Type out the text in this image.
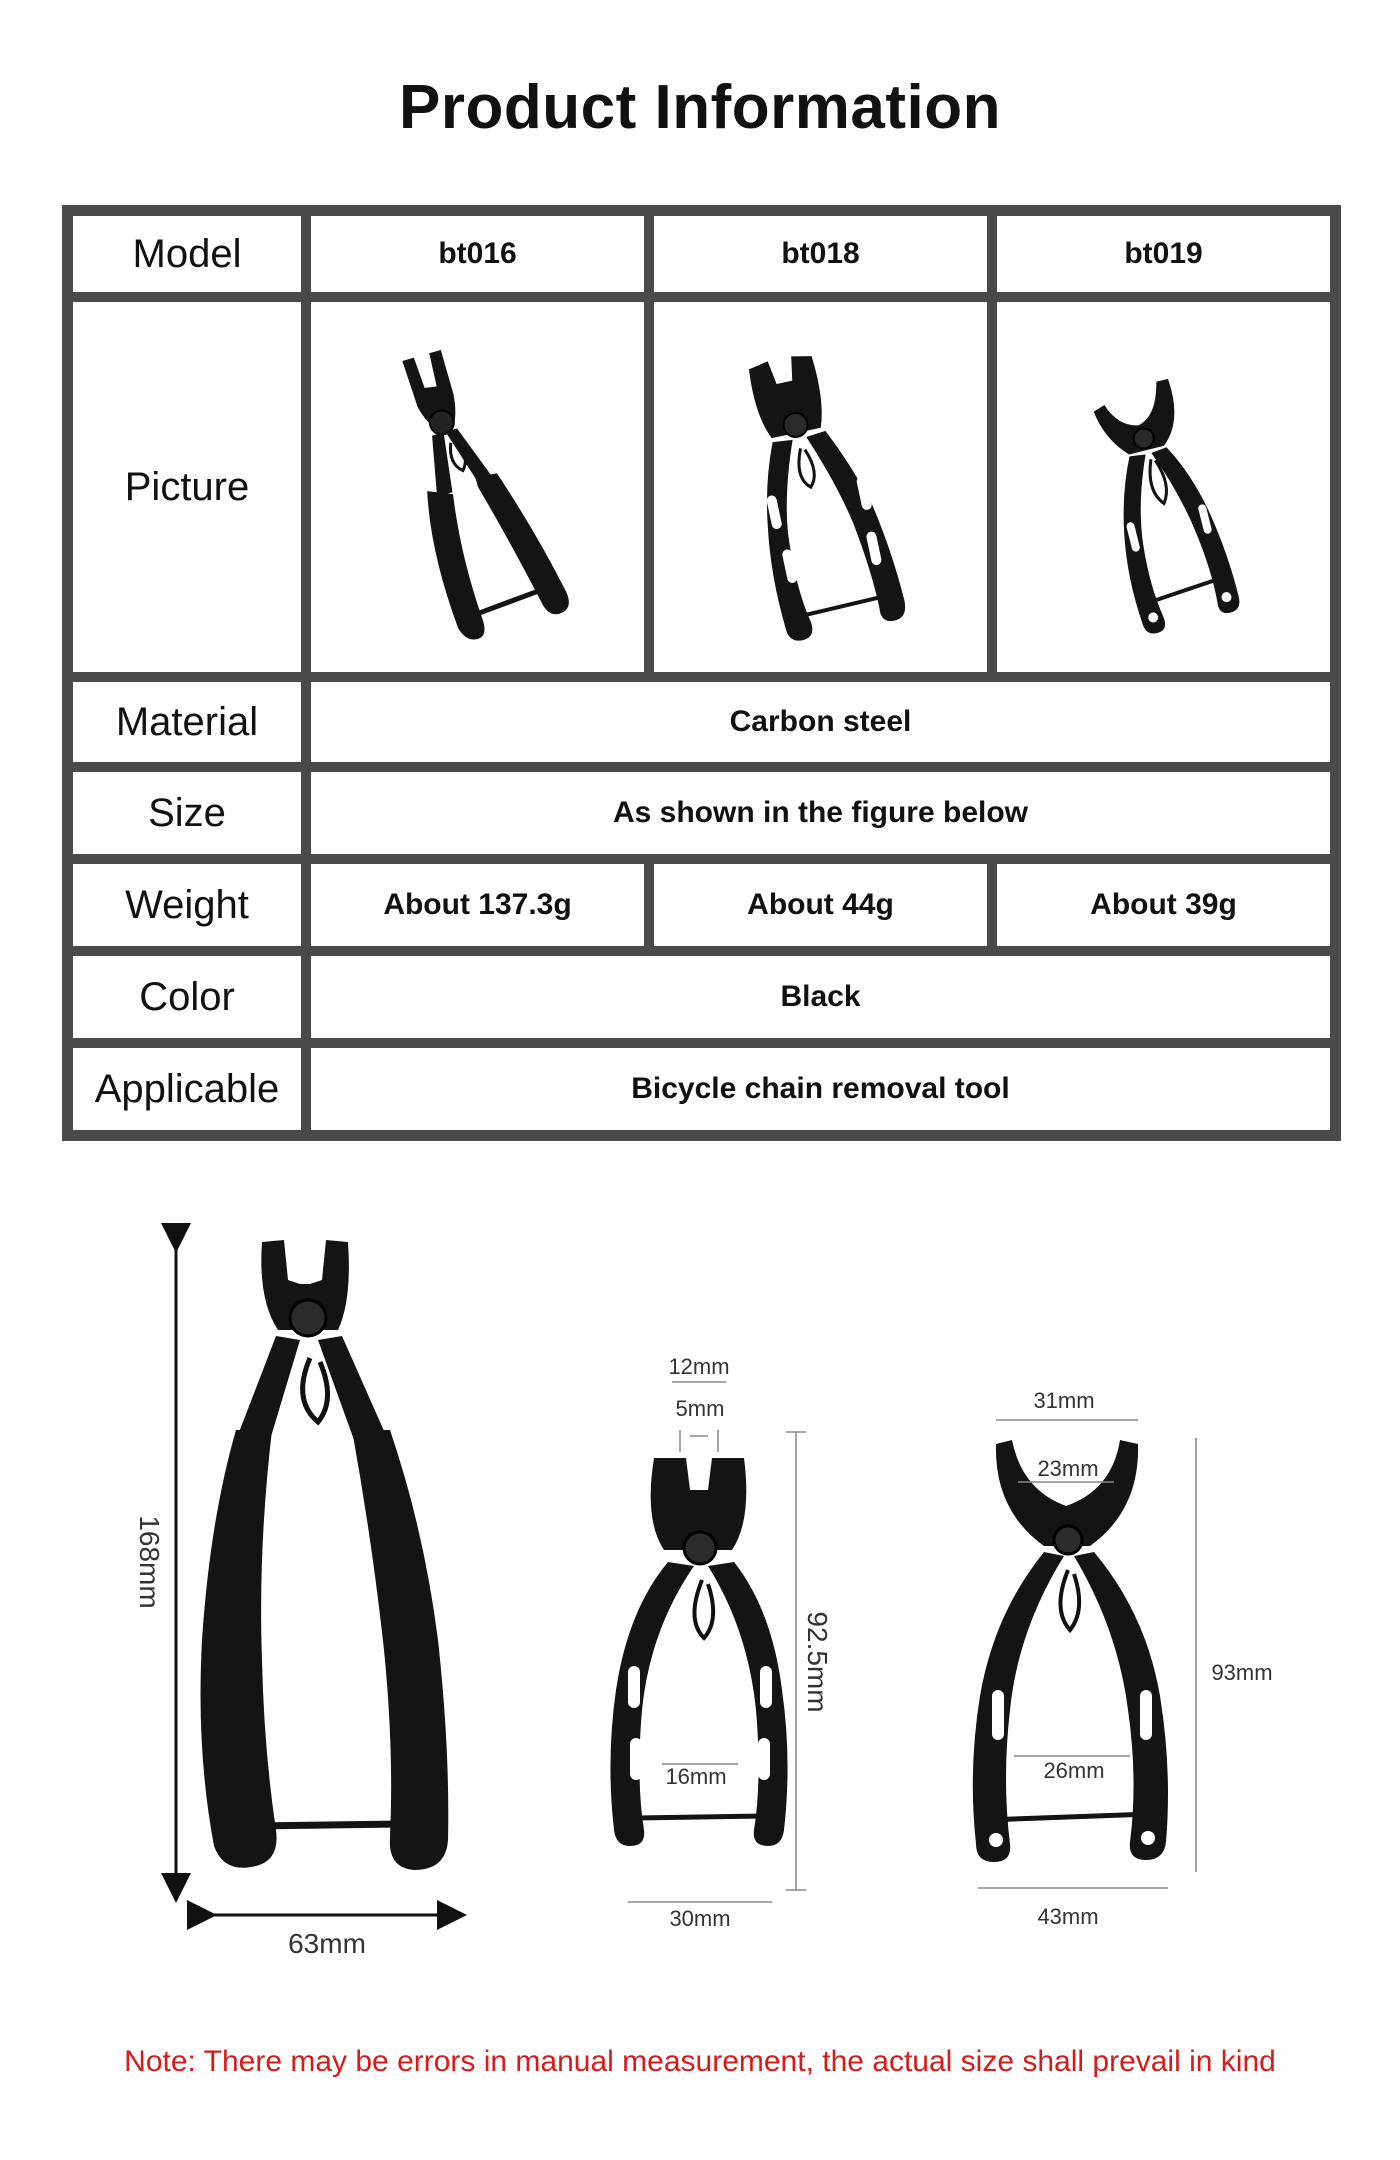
Product Information
Model	bt016	bt018	bt019
Picture	

Material	Carbon steel		
Size	As shown in the figure below		
Weight	About 137.3g	About 44g	About 39g
Color	Black		
Applicable	Bicycle chain removal tool		
168mm
63mm
12mm
5mm
92.5mm
16mm
30mm
31mm
23mm
93mm
26mm
43mm
Note: There may be errors in manual measurement, the actual size shall prevail in kind
